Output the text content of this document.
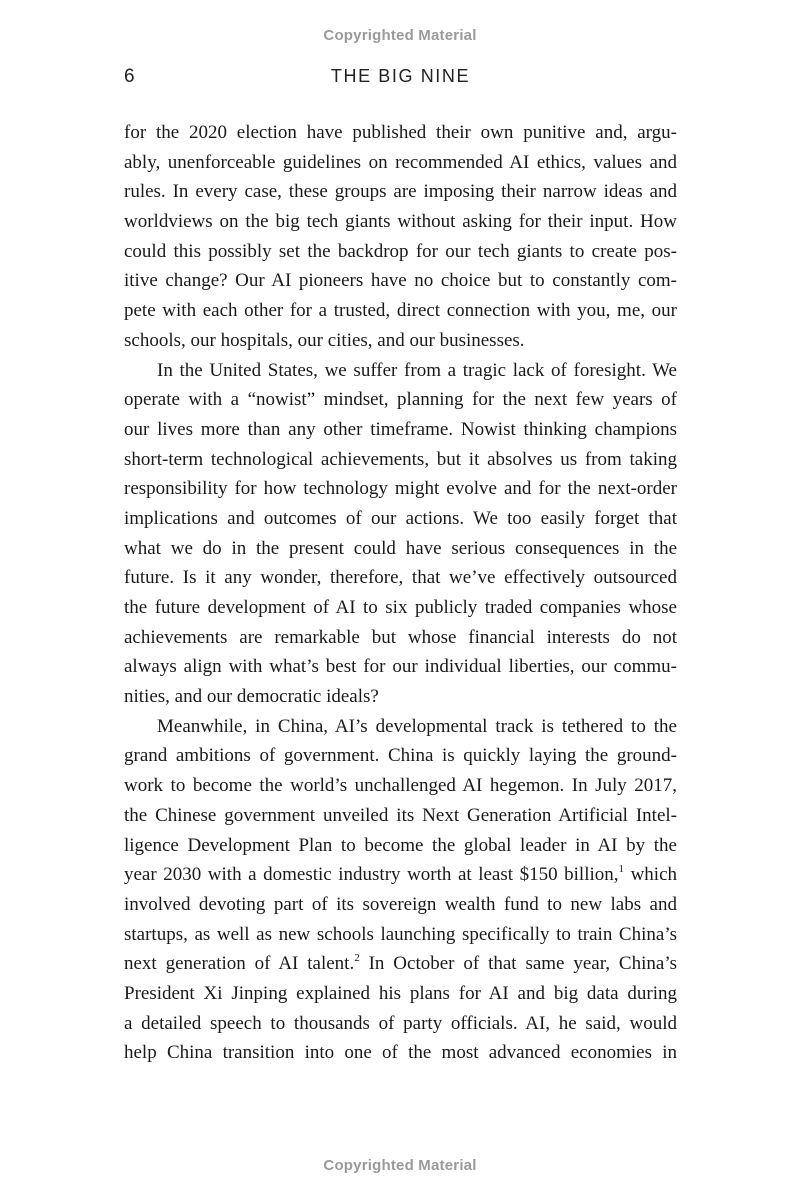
Copyrighted Material
6	THE BIG NINE

for the 2020 election have published their own punitive and, argu-
ably, unenforceable guidelines on recommended AI ethics, values and
rules. In every case, these groups are imposing their narrow ideas and
worldviews on the big tech giants without asking for their input. How
could this possibly set the backdrop for our tech giants to create pos-
itive change? Our AI pioneers have no choice but to constantly com-
pete with each other for a trusted, direct connection with you, me, our
schools, our hospitals, our cities, and our businesses.

In the United States, we suffer from a tragic lack of foresight. We
operate with a “nowist” mindset, planning for the next few years of
our lives more than any other timeframe. Nowist thinking champions
short-term technological achievements, but it absolves us from taking
responsibility for how technology might evolve and for the next-order
implications and outcomes of our actions. We too easily forget that
what we do in the present could have serious consequences in the
future. Is it any wonder, therefore, that we’ve effectively outsourced
the future development of AI to six publicly traded companies whose
achievements are remarkable but whose financial interests do not
always align with what’s best for our individual liberties, our commu-
nities, and our democratic ideals?

Meanwhile, in China, AI’s developmental track is tethered to the
grand ambitions of government. China is quickly laying the ground-
work to become the world’s unchallenged AI hegemon. In July 2017,
the Chinese government unveiled its Next Generation Artificial Intel-
ligence Development Plan to become the global leader in AI by the
year 2030 with a domestic industry worth at least $150 billion,$^1$ which
involved devoting part of its sovereign wealth fund to new labs and
startups, as well as new schools launching specifically to train China’s
next generation of AI talent.$^2$ In October of that same year, China’s
President Xi Jinping explained his plans for AI and big data during
a detailed speech to thousands of party officials. AI, he said, would
help China transition into one of the most advanced economies in

Copyrighted Material
